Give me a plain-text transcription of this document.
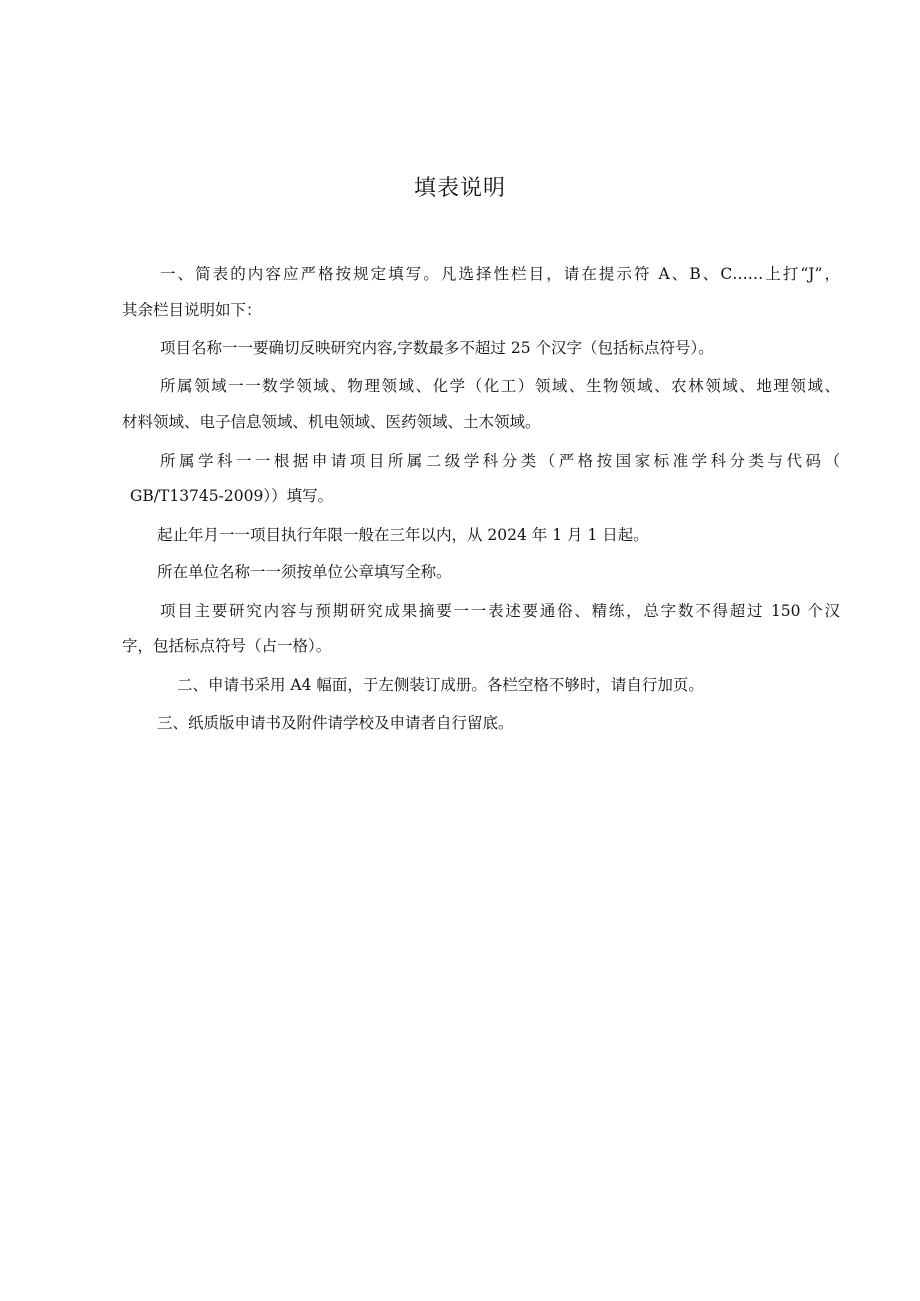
填表说明

一、简表的内容应严格按规定填写。凡选择性栏目，请在提示符 A、B、C……上打“J”，

其余栏目说明如下：

项目名称一一要确切反映研究内容,字数最多不超过 25 个汉字（包括标点符号）。

所属领域一一数学领域、物理领域、化学（化工）领域、生物领域、农林领域、地理领域、

材料领域、电子信息领域、机电领域、医药领域、土木领域。

所属学科一一根据申请项目所属二级学科分类（严格按国家标准学科分类与代码（

GB/T13745-2009））填写。

起止年月一一项目执行年限一般在三年以内，从 2024 年 1 月 1 日起。

所在单位名称一一须按单位公章填写全称。

项目主要研究内容与预期研究成果摘要一一表述要通俗、精练，总字数不得超过 150 个汉

字，包括标点符号（占一格）。

二、申请书采用 A4 幅面，于左侧装订成册。各栏空格不够时，请自行加页。

三、纸质版申请书及附件请学校及申请者自行留底。
